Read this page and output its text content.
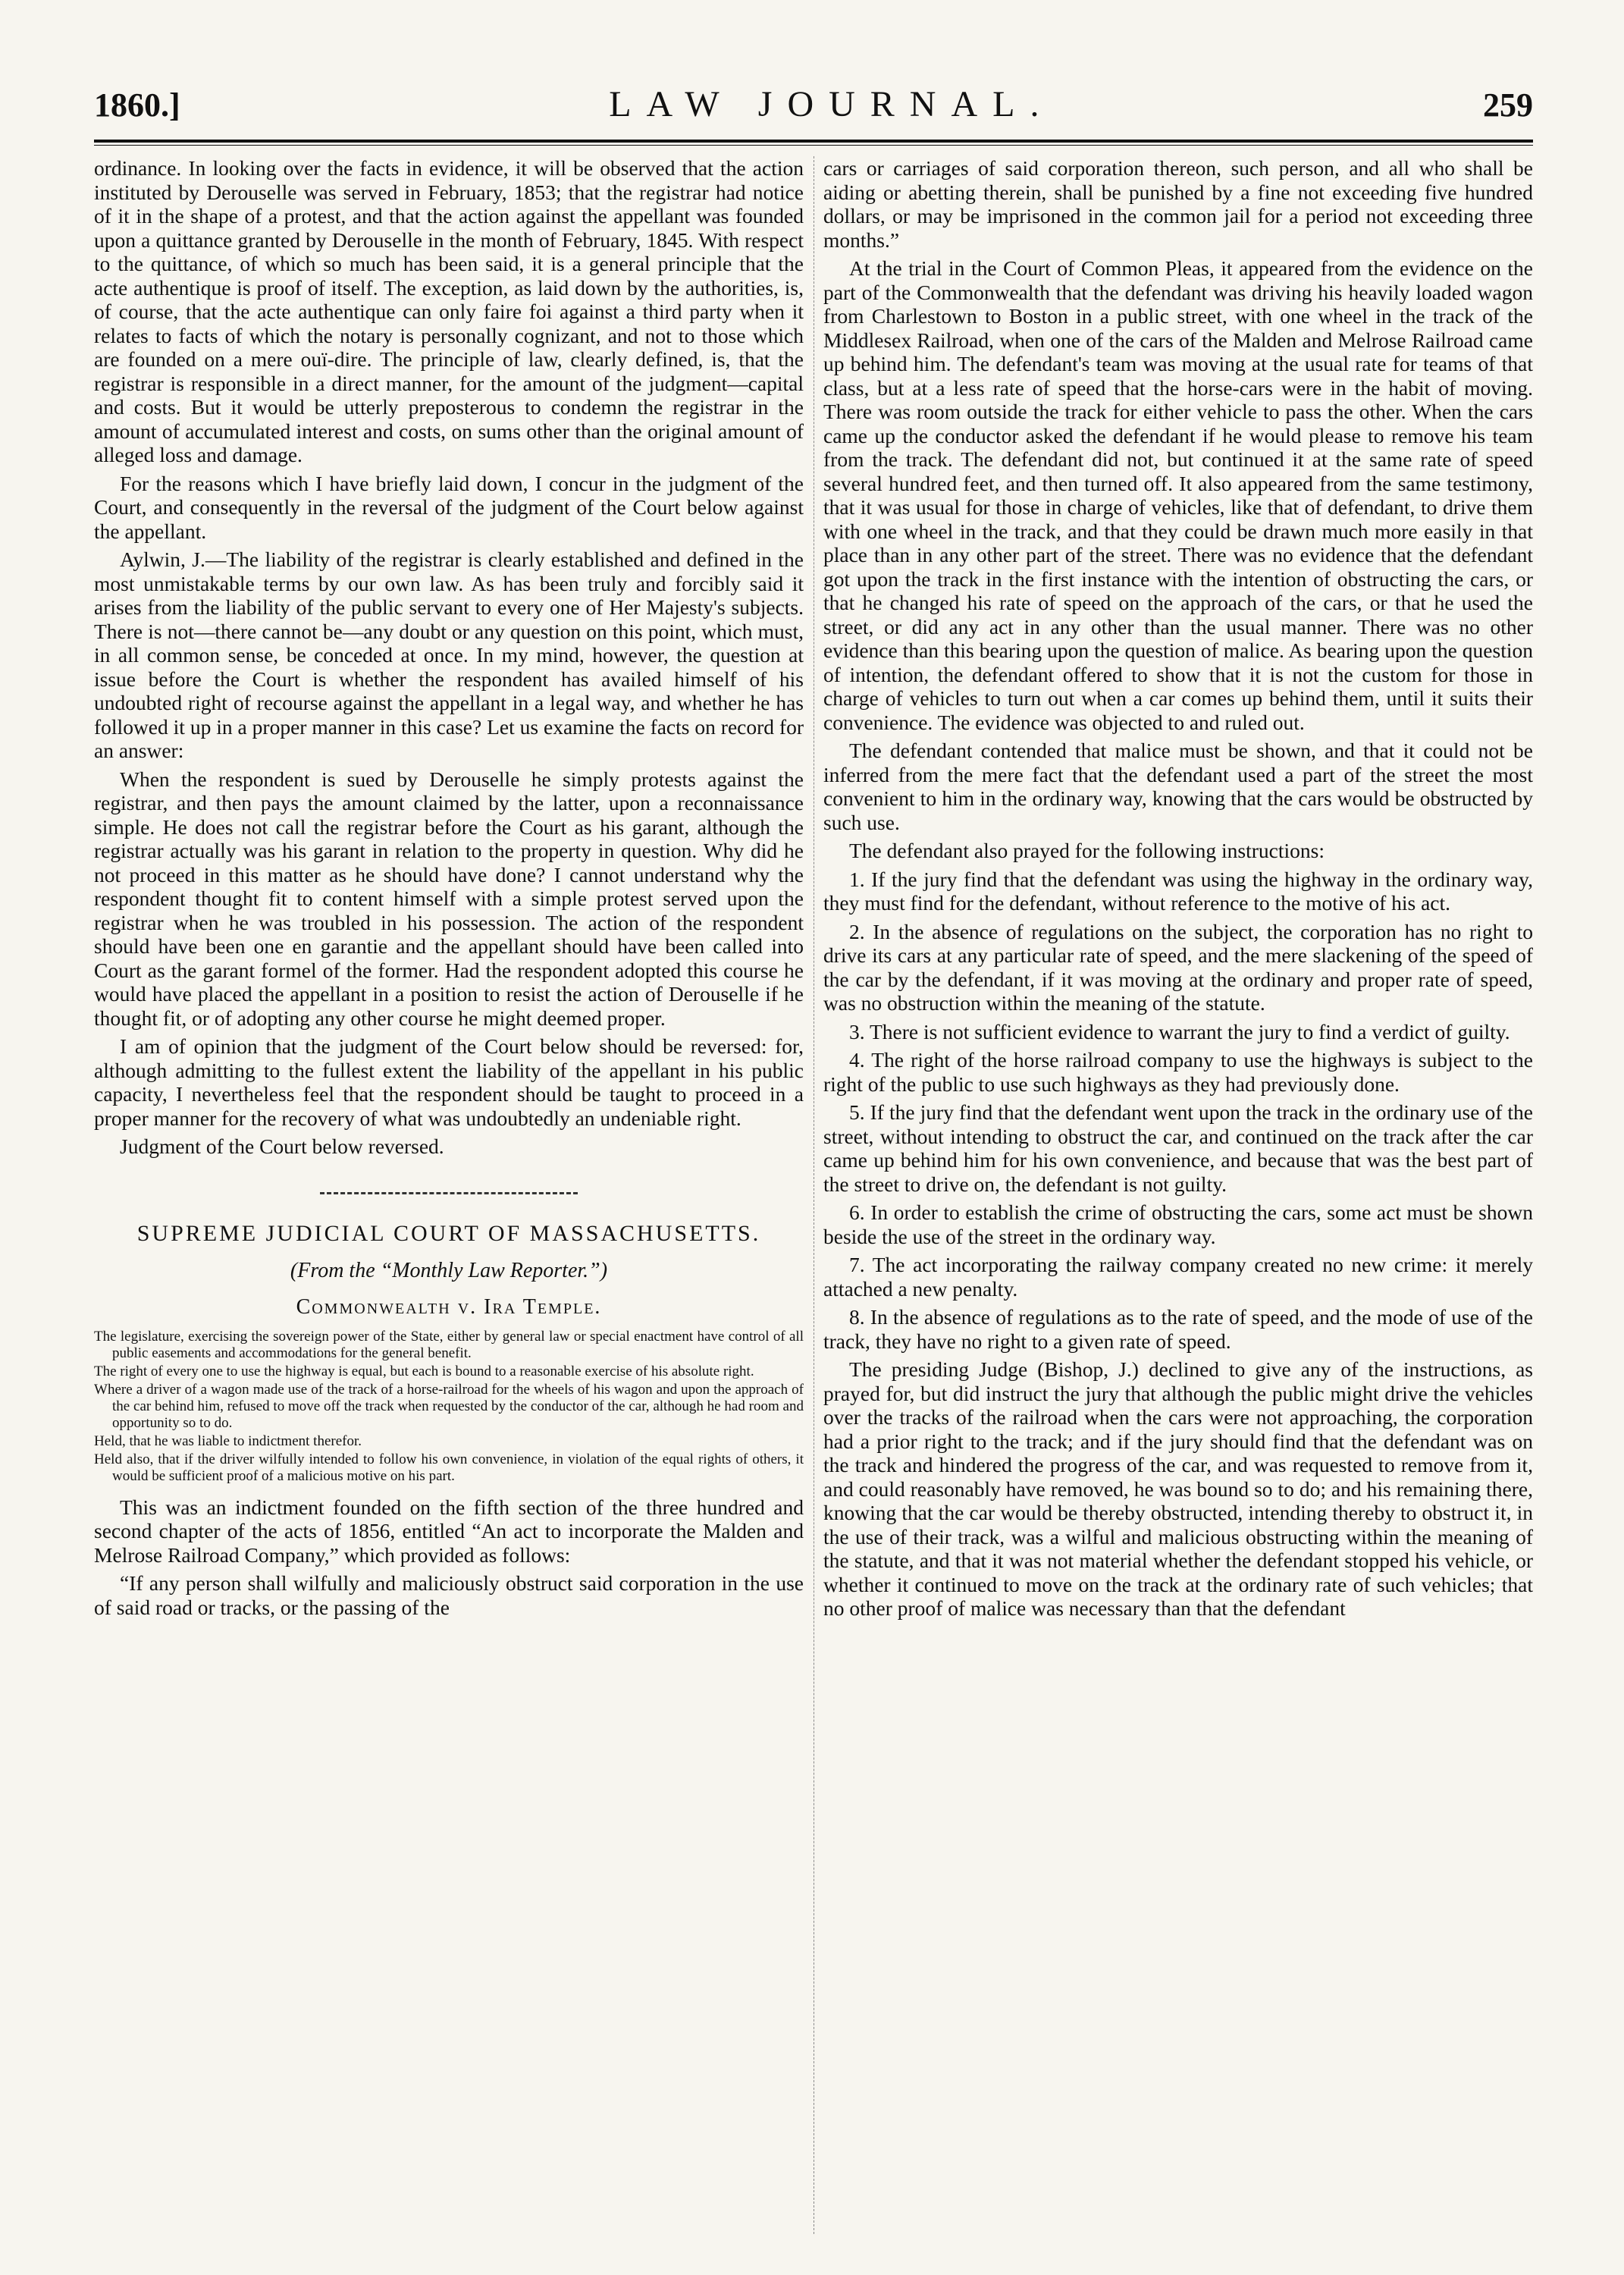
1860.]	LAW JOURNAL.	259

ordinance. In looking over the facts in evidence, it will be observed that the action instituted by Derouselle was served in February, 1853; that the registrar had notice of it in the shape of a protest, and that the action against the appellant was founded upon a quittance granted by Derouselle in the month of February, 1845. With respect to the quittance, of which so much has been said, it is a general principle that the acte authentique is proof of itself. The exception, as laid down by the authorities, is, of course, that the acte authentique can only faire foi against a third party when it relates to facts of which the notary is personally cognizant, and not to those which are founded on a mere ouï-dire. The principle of law, clearly defined, is, that the registrar is responsible in a direct manner, for the amount of the judgment—capital and costs. But it would be utterly preposterous to condemn the registrar in the amount of accumulated interest and costs, on sums other than the original amount of alleged loss and damage.

For the reasons which I have briefly laid down, I concur in the judgment of the Court, and consequently in the reversal of the judgment of the Court below against the appellant.

Aylwin, J.—The liability of the registrar is clearly established and defined in the most unmistakable terms by our own law. As has been truly and forcibly said it arises from the liability of the public servant to every one of Her Majesty's subjects. There is not—there cannot be—any doubt or any question on this point, which must, in all common sense, be conceded at once. In my mind, however, the question at issue before the Court is whether the respondent has availed himself of his undoubted right of recourse against the appellant in a legal way, and whether he has followed it up in a proper manner in this case? Let us examine the facts on record for an answer:

When the respondent is sued by Derouselle he simply protests against the registrar, and then pays the amount claimed by the latter, upon a reconnaissance simple. He does not call the registrar before the Court as his garant, although the registrar actually was his garant in relation to the property in question. Why did he not proceed in this matter as he should have done? I cannot understand why the respondent thought fit to content himself with a simple protest served upon the registrar when he was troubled in his possession. The action of the respondent should have been one en garantie and the appellant should have been called into Court as the garant formel of the former. Had the respondent adopted this course he would have placed the appellant in a position to resist the action of Derouselle if he thought fit, or of adopting any other course he might deemed proper.

I am of opinion that the judgment of the Court below should be reversed: for, although admitting to the fullest extent the liability of the appellant in his public capacity, I nevertheless feel that the respondent should be taught to proceed in a proper manner for the recovery of what was undoubtedly an undeniable right.

Judgment of the Court below reversed.

SUPREME JUDICIAL COURT OF MASSACHUSETTS.
(From the “Monthly Law Reporter.”)
Commonwealth v. Ira Temple.

The legislature, exercising the sovereign power of the State, either by general law or special enactment have control of all public easements and accommodations for the general benefit.

The right of every one to use the highway is equal, but each is bound to a reasonable exercise of his absolute right.

Where a driver of a wagon made use of the track of a horse-railroad for the wheels of his wagon and upon the approach of the car behind him, refused to move off the track when requested by the conductor of the car, although he had room and opportunity so to do.

Held, that he was liable to indictment therefor.

Held also, that if the driver wilfully intended to follow his own convenience, in violation of the equal rights of others, it would be sufficient proof of a malicious motive on his part.

This was an indictment founded on the fifth section of the three hundred and second chapter of the acts of 1856, entitled “An act to incorporate the Malden and Melrose Railroad Company,” which provided as follows:

“If any person shall wilfully and maliciously obstruct said corporation in the use of said road or tracks, or the passing of the

cars or carriages of said corporation thereon, such person, and all who shall be aiding or abetting therein, shall be punished by a fine not exceeding five hundred dollars, or may be imprisoned in the common jail for a period not exceeding three months.”

At the trial in the Court of Common Pleas, it appeared from the evidence on the part of the Commonwealth that the defendant was driving his heavily loaded wagon from Charlestown to Boston in a public street, with one wheel in the track of the Middlesex Railroad, when one of the cars of the Malden and Melrose Railroad came up behind him. The defendant's team was moving at the usual rate for teams of that class, but at a less rate of speed that the horse-cars were in the habit of moving. There was room outside the track for either vehicle to pass the other. When the cars came up the conductor asked the defendant if he would please to remove his team from the track. The defendant did not, but continued it at the same rate of speed several hundred feet, and then turned off. It also appeared from the same testimony, that it was usual for those in charge of vehicles, like that of defendant, to drive them with one wheel in the track, and that they could be drawn much more easily in that place than in any other part of the street. There was no evidence that the defendant got upon the track in the first instance with the intention of obstructing the cars, or that he changed his rate of speed on the approach of the cars, or that he used the street, or did any act in any other than the usual manner. There was no other evidence than this bearing upon the question of malice. As bearing upon the question of intention, the defendant offered to show that it is not the custom for those in charge of vehicles to turn out when a car comes up behind them, until it suits their convenience. The evidence was objected to and ruled out.

The defendant contended that malice must be shown, and that it could not be inferred from the mere fact that the defendant used a part of the street the most convenient to him in the ordinary way, knowing that the cars would be obstructed by such use.

The defendant also prayed for the following instructions:

1. If the jury find that the defendant was using the highway in the ordinary way, they must find for the defendant, without reference to the motive of his act.

2. In the absence of regulations on the subject, the corporation has no right to drive its cars at any particular rate of speed, and the mere slackening of the speed of the car by the defendant, if it was moving at the ordinary and proper rate of speed, was no obstruction within the meaning of the statute.

3. There is not sufficient evidence to warrant the jury to find a verdict of guilty.

4. The right of the horse railroad company to use the highways is subject to the right of the public to use such highways as they had previously done.

5. If the jury find that the defendant went upon the track in the ordinary use of the street, without intending to obstruct the car, and continued on the track after the car came up behind him for his own convenience, and because that was the best part of the street to drive on, the defendant is not guilty.

6. In order to establish the crime of obstructing the cars, some act must be shown beside the use of the street in the ordinary way.

7. The act incorporating the railway company created no new crime: it merely attached a new penalty.

8. In the absence of regulations as to the rate of speed, and the mode of use of the track, they have no right to a given rate of speed.

The presiding Judge (Bishop, J.) declined to give any of the instructions, as prayed for, but did instruct the jury that although the public might drive the vehicles over the tracks of the railroad when the cars were not approaching, the corporation had a prior right to the track; and if the jury should find that the defendant was on the track and hindered the progress of the car, and was requested to remove from it, and could reasonably have removed, he was bound so to do; and his remaining there, knowing that the car would be thereby obstructed, intending thereby to obstruct it, in the use of their track, was a wilful and malicious obstructing within the meaning of the statute, and that it was not material whether the defendant stopped his vehicle, or whether it continued to move on the track at the ordinary rate of such vehicles; that no other proof of malice was necessary than that the defendant
